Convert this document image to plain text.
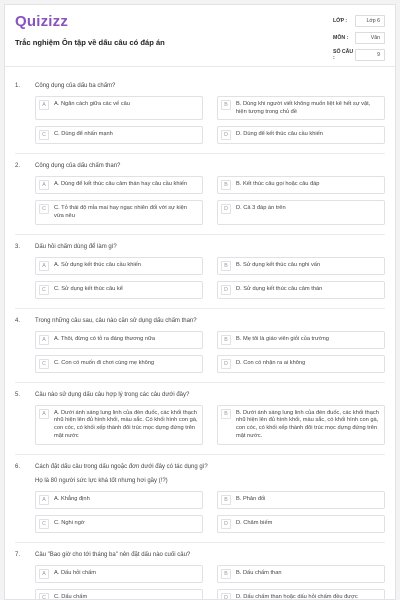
Quizizz
Trắc nghiệm Ôn tập về dấu câu có đáp án
LỚP :	Lớp 6
MÔN :	Văn
SỐ CÂU :	9
1.	Công dụng của dấu ba chấm?
A	A. Ngăn cách giữa các vế câu	B	B. Dùng khi người viết không muốn liệt kê hết sự vật, hiện tượng trong chủ đề
C	C. Dùng để nhấn mạnh	D	D. Dùng để kết thúc câu cầu khiến
2.	Công dụng của dấu chấm than?
A	A. Dùng để kết thúc câu cảm thán hay câu cầu khiến	B	B. Kết thúc câu gọi hoặc câu đáp
C	C. Tỏ thái độ mỉa mai hay ngạc nhiên đối với sự kiện vừa nêu
D	D. Cả 3 đáp án trên
3.	Dấu hỏi chấm dùng để làm gì?
A	A. Sử dụng kết thúc câu cầu khiến	B	B. Sử dụng kết thúc câu nghi vấn
C	C. Sử dụng kết thúc câu kể	D	D. Sử dụng kết thúc câu cảm thán
4.	Trong những câu sau, câu nào cần sử dụng dấu chấm than?
A	A. Thôi, đừng có tỏ ra đáng thương nữa	B	B. Mẹ tôi là giáo viên giỏi của trường
C	C. Con có muốn đi chơi cùng mẹ không	D	D. Con có nhận ra ai không
5.	Câu nào sử dụng dấu câu hợp lý trong các câu dưới đây?
A	A. Dưới ánh sáng lung linh của đèn đuốc, các khối thạch nhũ hiện lên đủ hình khối, màu sắc. Có khối hình con gà, con cóc, có khối xếp thành đôi trúc mọc dựng đứng trên mặt nước
B	B. Dưới ánh sáng lung linh của đèn đuốc, các khối thạch nhũ hiện lên đủ hình khối, màu sắc, có khối hình con gà, con cóc, có khối xếp thành đôi trúc mọc dựng đứng trên mặt nước.
6.	Cách đặt dấu câu trong dấu ngoặc đơn dưới đây có tác dụng gì?
Họ là 80 người sức lực khá tốt nhưng hơi gầy (!?)
A	A. Khẳng định	B	B. Phản đối
C	C. Nghi ngờ	D	D. Châm biếm
7.	Câu "Bao giờ cho tới tháng ba" nên đặt dấu nào cuối câu?
A	A. Dấu hỏi chấm	B	B. Dấu chấm than
C	C. Dấu chấm	D	D. Dấu chấm than hoặc dấu hỏi chấm đều được
